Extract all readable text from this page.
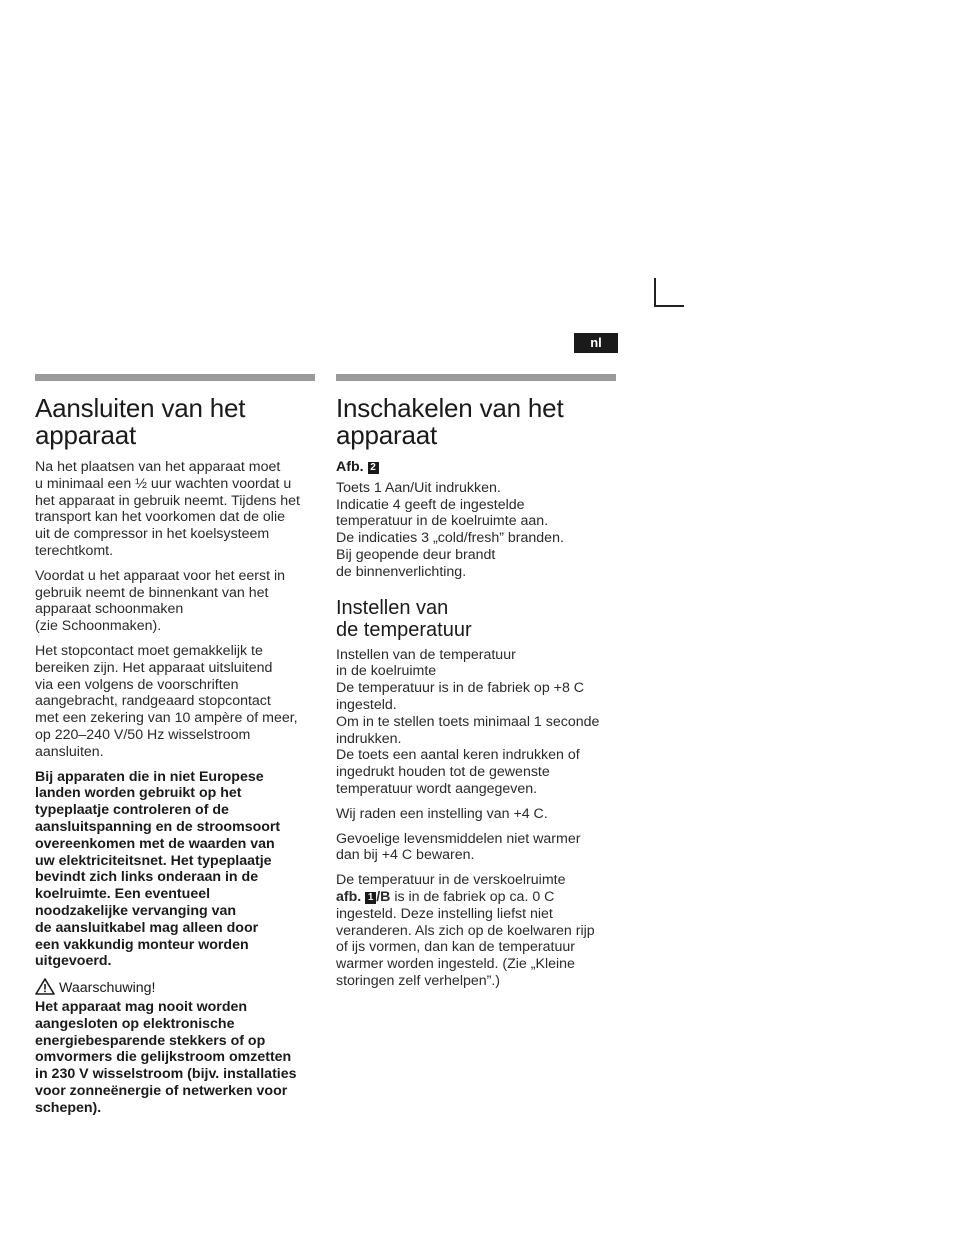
nl
Aansluiten van het
apparaat

Na het plaatsen van het apparaat moet
u minimaal een ½ uur wachten voordat u
het apparaat in gebruik neemt. Tijdens het
transport kan het voorkomen dat de olie
uit de compressor in het koelsysteem
terechtkomt.

Voordat u het apparaat voor het eerst in
gebruik neemt de binnenkant van het
apparaat schoonmaken
(zie Schoonmaken).

Het stopcontact moet gemakkelijk te
bereiken zijn. Het apparaat uitsluitend
via een volgens de voorschriften
aangebracht, randgeaard stopcontact
met een zekering van 10 ampère of meer,
op 220–240 V/50 Hz wisselstroom
aansluiten.

Bij apparaten die in niet Europese
landen worden gebruikt op het
typeplaatje controleren of de
aansluitspanning en de stroomsoort
overeenkomen met de waarden van
uw elektriciteitsnet. Het typeplaatje
bevindt zich links onderaan in de
koelruimte. Een eventueel
noodzakelijke vervanging van
de aansluitkabel mag alleen door
een vakkundig monteur worden
uitgevoerd.

Waarschuwing!

Het apparaat mag nooit worden
aangesloten op elektronische
energiebesparende stekkers of op
omvormers die gelijkstroom omzetten
in 230 V wisselstroom (bijv. installaties
voor zonneënergie of netwerken voor
schepen).

Inschakelen van het
apparaat
Afb. 2

Toets 1 Aan/Uit indrukken.
Indicatie 4 geeft de ingestelde
temperatuur in de koelruimte aan.
De indicaties 3 „cold/fresh” branden.
Bij geopende deur brandt
de binnenverlichting.

Instellen van
de temperatuur

Instellen van de temperatuur
in de koelruimte
De temperatuur is in de fabriek op +8 C
ingesteld.
Om in te stellen toets minimaal 1 seconde
indrukken.
De toets een aantal keren indrukken of
ingedrukt houden tot de gewenste
temperatuur wordt aangegeven.

Wij raden een instelling van +4 C.

Gevoelige levensmiddelen niet warmer
dan bij +4 C bewaren.

De temperatuur in de verskoelruimte
afb. 1 /B is in de fabriek op ca. 0 C
ingesteld. Deze instelling liefst niet
veranderen. Als zich op de koelwaren rijp
of ijs vormen, dan kan de temperatuur
warmer worden ingesteld. (Zie „Kleine
storingen zelf verhelpen”.)
